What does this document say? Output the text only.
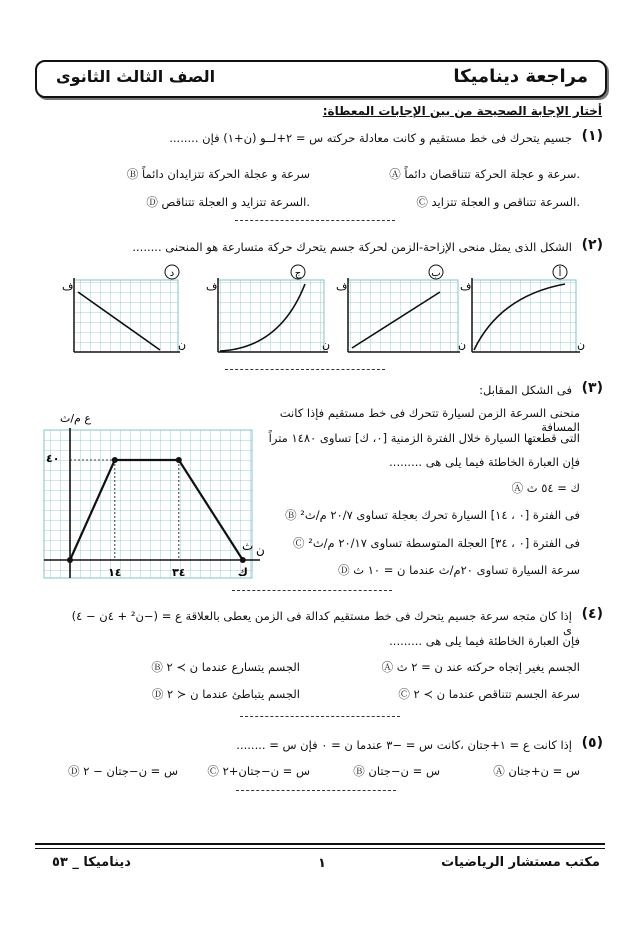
مراجعة ديناميكا
الصف الثالث الثانوى
أختار الإجابة الصحيحة من بين الإجابات المعطاة:
(١)
جسيم يتحرك فى خط مستقيم و كانت معادلة حركته س = ٢+لــو (ن+١) فإن ........
Ⓐ سرعة و عجلة الحركة تتناقصان دائماً.
Ⓑ سرعة و عجلة الحركة تتزايدان دائماً
Ⓒ السرعة تتناقص و العجلة تتزايد.
Ⓓ السرعة تتزايد و العجلة تتناقص.
(٢)
الشكل الذى يمثل منحى الإزاحة-الزمن لحركة جسم يتحرك حركة متسارعة هو المنحنى ........
د
ف
ن
ج
ف
ن
ب
ف
ن
أ
ف
ن
(٣)
فى الشكل المقابل:
منحنى السرعة الزمن لسيارة تتحرك فى خط مستقيم فإذا كانت المسافة
التى قطعتها السيارة خلال الفترة الزمنية [٠، ك] تساوى ١٤٨٠ متراً
فإن العبارة الخاطئة فيما يلى هى .........
Ⓐ ك = ٥٤ ث
Ⓑ فى الفترة [٠ ، ١٤] السيارة تحرك بعجلة تساوى ٢٠/٧ م/ث²
Ⓒ فى الفترة [٠ ، ٣٤] العجلة المتوسطة تساوى ٢٠/١٧ م/ث²
Ⓓ سرعة السيارة تساوى ٢٠م/ث عندما ن = ١٠ ث
ع م/ث
ث ن
٤٠
١٤	٣٤	ك
(٤)
إذا كان متجه سرعة جسيم يتحرك فى خط مستقيم كدالة فى الزمن يعطى بالعلاقة ع = (−ن² + ٤ن − ٤) ى
فإن العبارة الخاطئة فيما يلى هى .........
Ⓐ الجسم يغير إتجاه حركته عند ن = ٢ ث
Ⓑ الجسم يتسارع عندما ن ≻ ٢
Ⓒ سرعة الجسم تتناقص عندما ن ≻ ٢
Ⓓ الجسم يتباطئ عندما ن ≺ ٢
(٥)
إذا كانت ع = ١+جتان ،كانت س = −٣ عندما ن = ٠ فإن س = ........
Ⓐ س = ن+جتان
Ⓑ س = ن−جتان
Ⓒ س = ن−جتان+٢
Ⓓ س = ن−جتان − ٢
مكتب مستشار الرياضيات
١
ديناميكا _ ٥٣
